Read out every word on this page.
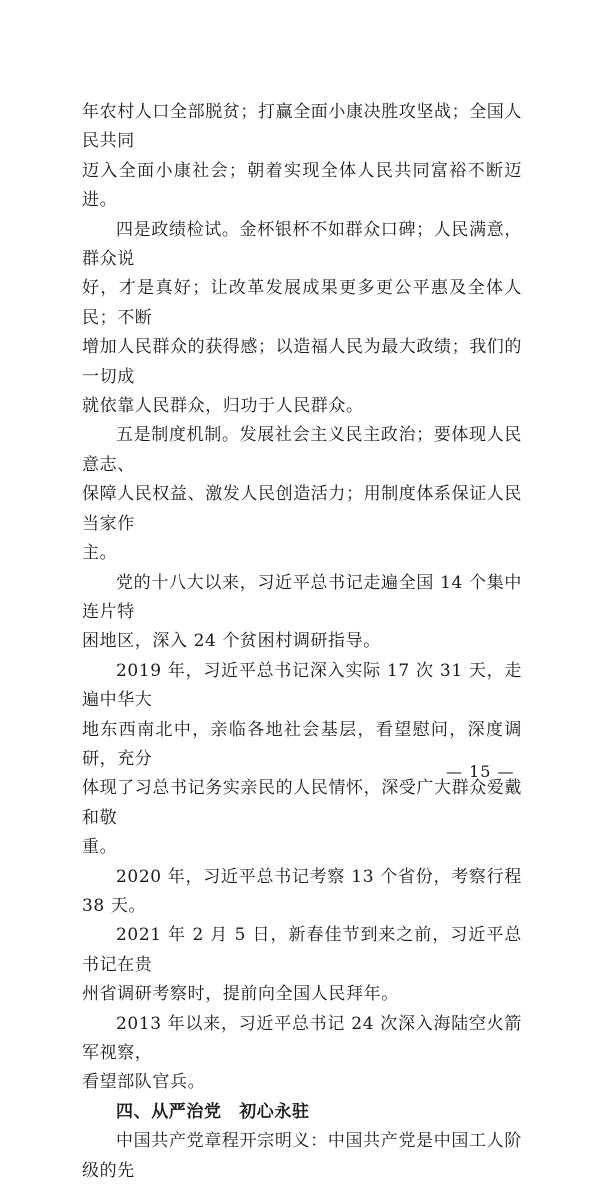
年农村人口全部脱贫；打赢全面小康决胜攻坚战；全国人民共同
迈入全面小康社会；朝着实现全体人民共同富裕不断迈进。

四是政绩检试。金杯银杯不如群众口碑；人民满意，群众说
好，才是真好；让改革发展成果更多更公平惠及全体人民；不断
增加人民群众的获得感；以造福人民为最大政绩；我们的一切成
就依靠人民群众，归功于人民群众。

五是制度机制。发展社会主义民主政治；要体现人民意志、
保障人民权益、激发人民创造活力；用制度体系保证人民当家作
主。

党的十八大以来，习近平总书记走遍全国 14 个集中连片特
困地区，深入 24 个贫困村调研指导。

2019 年，习近平总书记深入实际 17 次 31 天，走遍中华大
地东西南北中，亲临各地社会基层，看望慰问，深度调研，充分
体现了习总书记务实亲民的人民情怀，深受广大群众爱戴和敬
重。

2020 年，习近平总书记考察 13 个省份，考察行程 38 天。

2021 年 2 月 5 日，新春佳节到来之前，习近平总书记在贵
州省调研考察时，提前向全国人民拜年。

2013 年以来，习近平总书记 24 次深入海陆空火箭军视察，
看望部队官兵。

四、从严治党　初心永驻

中国共产党章程开宗明义：中国共产党是中国工人阶级的先

— 15 —
